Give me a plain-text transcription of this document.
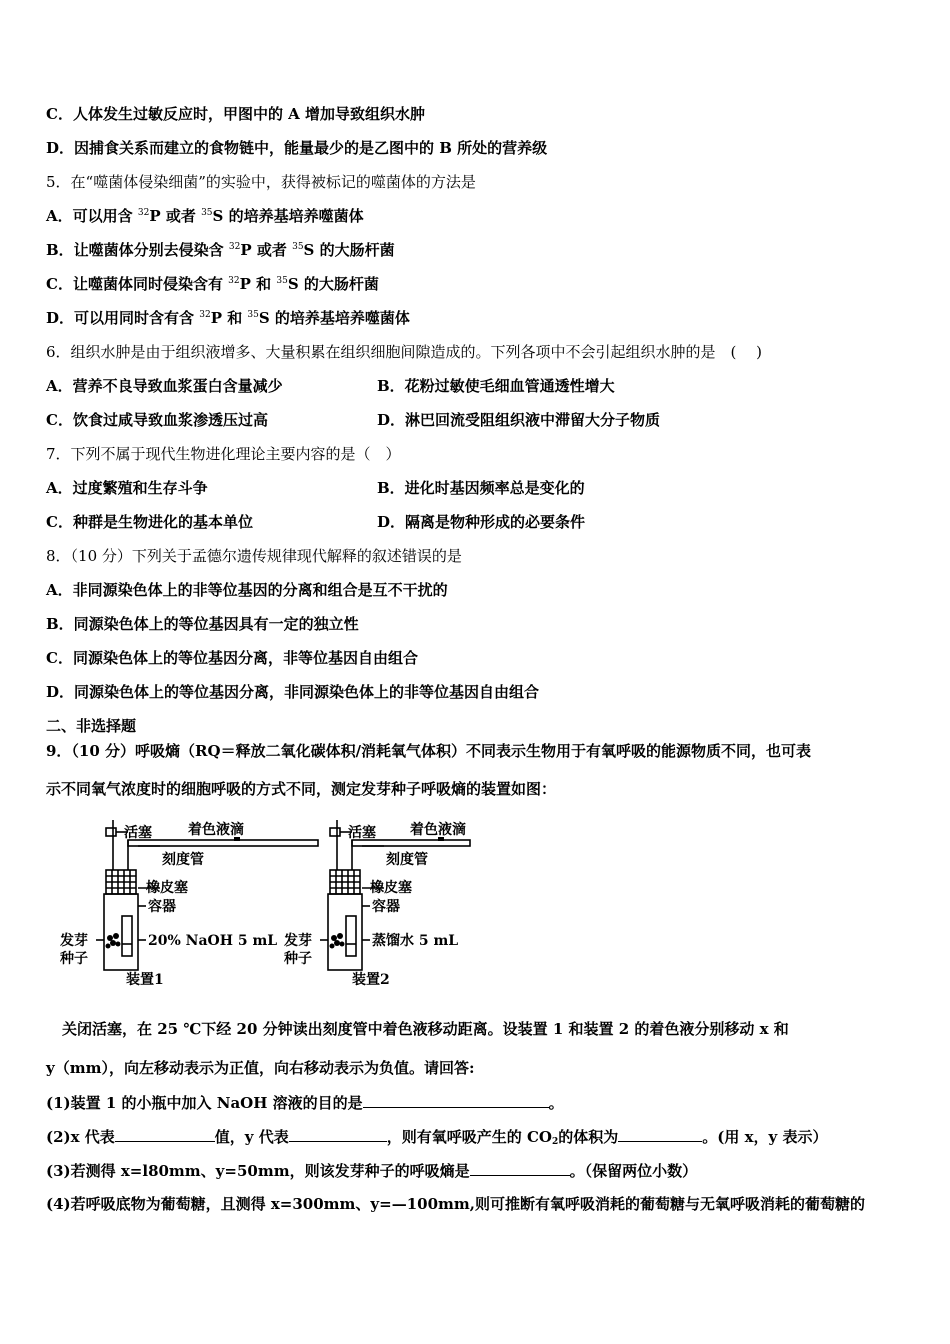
C．人体发生过敏反应时，甲图中的 A 增加导致组织水肿
D．因捕食关系而建立的食物链中，能量最少的是乙图中的 B 所处的营养级
5．在“噬菌体侵染细菌”的实验中，获得被标记的噬菌体的方法是
A．可以用含 $^{32}$P 或者 $^{35}$S 的培养基培养噬菌体
B．让噬菌体分别去侵染含 $^{32}$P 或者 $^{35}$S 的大肠杆菌
C．让噬菌体同时侵染含有 $^{32}$P 和 $^{35}$S 的大肠杆菌
D．可以用同时含有含 $^{32}$P 和 $^{35}$S 的培养基培养噬菌体
6．组织水肿是由于组织液增多、大量积累在组织细胞间隙造成的。下列各项中不会引起组织水肿的是　( 　)
A．营养不良导致血浆蛋白含量减少	B．花粉过敏使毛细血管通透性增大
C．饮食过咸导致血浆渗透压过高	D．淋巴回流受阻组织液中滞留大分子物质
7．下列不属于现代生物进化理论主要内容的是（　）
A．过度繁殖和生存斗争	B．进化时基因频率总是变化的
C．种群是生物进化的基本单位	D．隔离是物种形成的必要条件
8．（10 分）下列关于孟德尔遗传规律现代解释的叙述错误的是
A．非同源染色体上的非等位基因的分离和组合是互不干扰的
B．同源染色体上的等位基因具有一定的独立性
C．同源染色体上的等位基因分离，非等位基因自由组合
D．同源染色体上的等位基因分离，非同源染色体上的非等位基因自由组合
二、非选择题
9．（10 分）呼吸熵（RQ＝释放二氧化碳体积/消耗氧气体积）不同表示生物用于有氧呼吸的能源物质不同，也可表
示不同氧气浓度时的细胞呼吸的方式不同，测定发芽种子呼吸熵的装置如图：
活塞	着色液滴
刻度管
橡皮塞
容器
20% NaOH 5 mL
发芽
种子
装置1
活塞 着色液滴
刻度管
橡皮塞
容器
蒸馏水 5 mL
发芽
种子
装置2
关闭活塞，在 25 ℃下经 20 分钟读出刻度管中着色液移动距离。设装置 1 和装置 2 的着色液分别移动 x 和
y（mm），向左移动表示为正值，向右移动表示为负值。请回答:
(1)装置 1 的小瓶中加入 NaOH 溶液的目的是	。
(2)x 代表	值，y 代表	，则有氧呼吸产生的 $CO_2$的体积为	。(用 x，y 表示）
(3)若测得 x=l80mm、y=50mm，则该发芽种子的呼吸熵是	。（保留两位小数）
(4)若呼吸底物为葡萄糖，且测得 x=300mm、y=—100mm,则可推断有氧呼吸消耗的葡萄糖与无氧呼吸消耗的葡萄糖的
